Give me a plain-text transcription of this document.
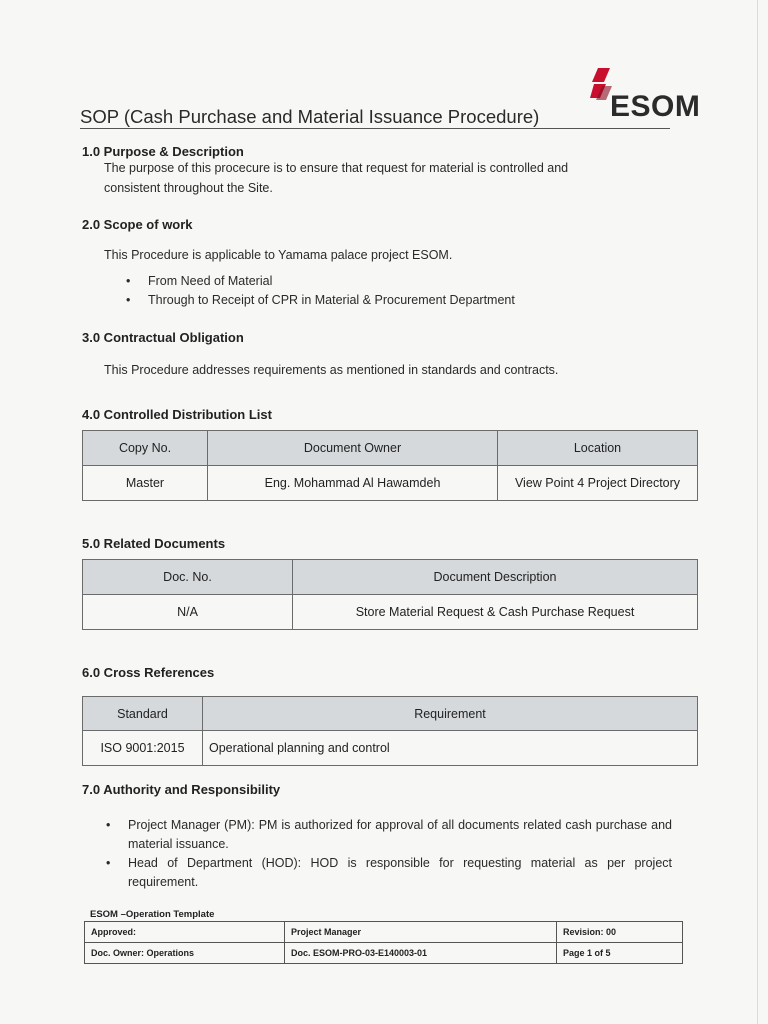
ESOM
SOP (Cash Purchase and Material Issuance Procedure)
1.0 Purpose & Description
The purpose of this procecure is to ensure that request for material is controlled and
consistent throughout the Site.
2.0 Scope of work
This Procedure is applicable to Yamama palace project ESOM.
• From Need of Material
• Through to Receipt of CPR in Material & Procurement Department
3.0 Contractual Obligation
This Procedure addresses requirements as mentioned in standards and contracts.
4.0 Controlled Distribution List
Copy No.	Document Owner	Location
Master	Eng. Mohammad Al Hawamdeh	View Point 4 Project Directory
5.0 Related Documents
Doc. No.	Document Description
N/A	Store Material Request & Cash Purchase Request
6.0 Cross References
Standard	Requirement
ISO 9001:2015	Operational planning and control
7.0 Authority and Responsibility
• Project Manager (PM): PM is authorized for approval of all documents related cash purchase and material issuance.
• Head of Department (HOD): HOD is responsible for requesting material as per project requirement.
ESOM –Operation Template
Approved:	Project Manager	Revision: 00
Doc. Owner: Operations	Doc. ESOM-PRO-03-E140003-01	Page 1 of 5
